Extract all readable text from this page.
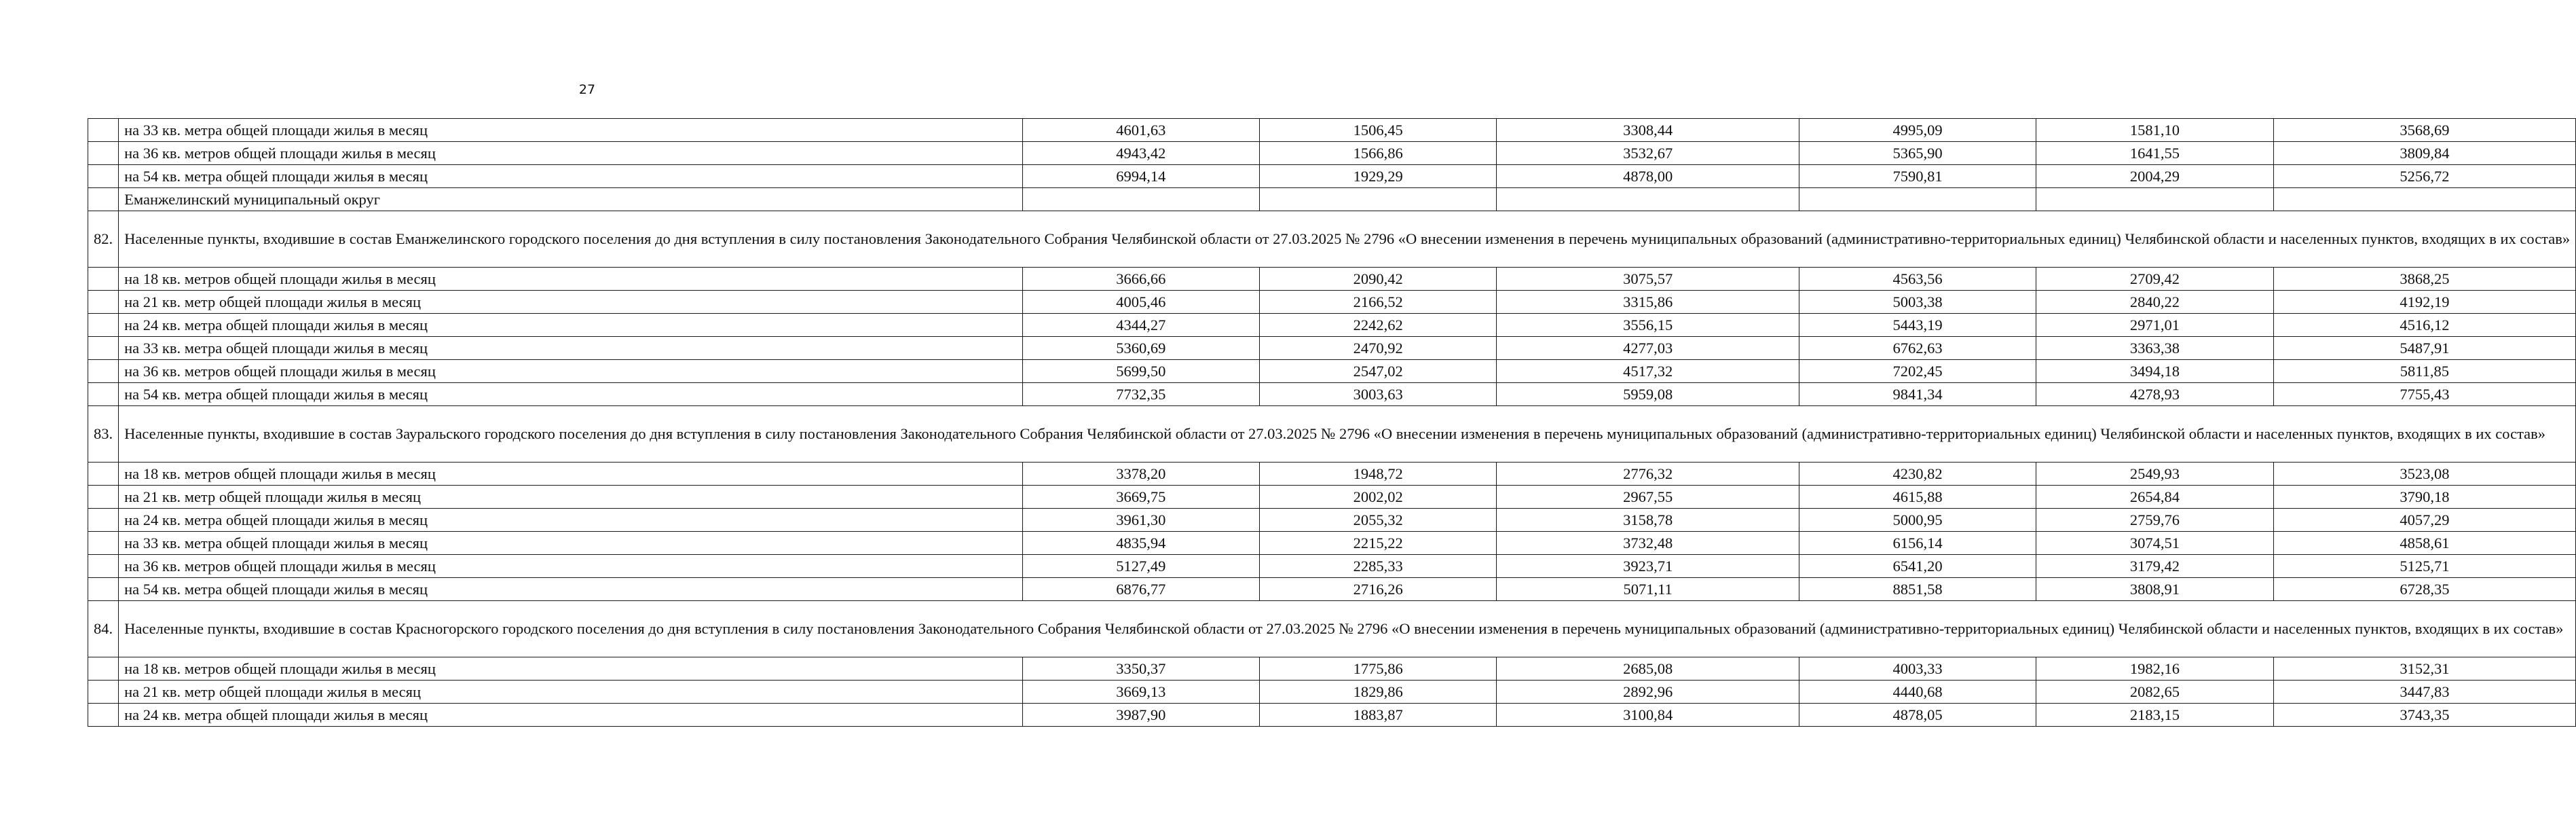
27
	на 33 кв. метра общей площади жилья в месяц	4601,63	1506,45	3308,44	4995,09	1581,10	3568,69
	на 36 кв. метров общей площади жилья в месяц	4943,42	1566,86	3532,67	5365,90	1641,55	3809,84
	на 54 кв. метра общей площади жилья в месяц	6994,14	1929,29	4878,00	7590,81	2004,29	5256,72
	Еманжелинский муниципальный округ						
82.	Населенные пункты, входившие в состав Еманжелинского городского поселения до дня вступления в силу постановления Законодательного Собрания Челябинской области от 27.03.2025 № 2796 «О внесении изменения в перечень муниципальных образований (административно-территориальных единиц) Челябинской области и населенных пунктов, входящих в их состав»						
	на 18 кв. метров общей площади жилья в месяц	3666,66	2090,42	3075,57	4563,56	2709,42	3868,25
	на 21 кв. метр общей площади жилья в месяц	4005,46	2166,52	3315,86	5003,38	2840,22	4192,19
	на 24 кв. метра общей площади жилья в месяц	4344,27	2242,62	3556,15	5443,19	2971,01	4516,12
	на 33 кв. метра общей площади жилья в месяц	5360,69	2470,92	4277,03	6762,63	3363,38	5487,91
	на 36 кв. метров общей площади жилья в месяц	5699,50	2547,02	4517,32	7202,45	3494,18	5811,85
	на 54 кв. метра общей площади жилья в месяц	7732,35	3003,63	5959,08	9841,34	4278,93	7755,43
83.	Населенные пункты, входившие в состав Зауральского городского поселения до дня вступления в силу постановления Законодательного Собрания Челябинской области от 27.03.2025 № 2796 «О внесении изменения в перечень муниципальных образований (административно-территориальных единиц) Челябинской области и населенных пунктов, входящих в их состав»						
	на 18 кв. метров общей площади жилья в месяц	3378,20	1948,72	2776,32	4230,82	2549,93	3523,08
	на 21 кв. метр общей площади жилья в месяц	3669,75	2002,02	2967,55	4615,88	2654,84	3790,18
	на 24 кв. метра общей площади жилья в месяц	3961,30	2055,32	3158,78	5000,95	2759,76	4057,29
	на 33 кв. метра общей площади жилья в месяц	4835,94	2215,22	3732,48	6156,14	3074,51	4858,61
	на 36 кв. метров общей площади жилья в месяц	5127,49	2285,33	3923,71	6541,20	3179,42	5125,71
	на 54 кв. метра общей площади жилья в месяц	6876,77	2716,26	5071,11	8851,58	3808,91	6728,35
84.	Населенные пункты, входившие в состав Красногорского городского поселения до дня вступления в силу постановления Законодательного Собрания Челябинской области от 27.03.2025 № 2796 «О внесении изменения в перечень муниципальных образований (административно-территориальных единиц) Челябинской области и населенных пунктов, входящих в их состав»						
	на 18 кв. метров общей площади жилья в месяц	3350,37	1775,86	2685,08	4003,33	1982,16	3152,31
	на 21 кв. метр общей площади жилья в месяц	3669,13	1829,86	2892,96	4440,68	2082,65	3447,83
	на 24 кв. метра общей площади жилья в месяц	3987,90	1883,87	3100,84	4878,05	2183,15	3743,35
